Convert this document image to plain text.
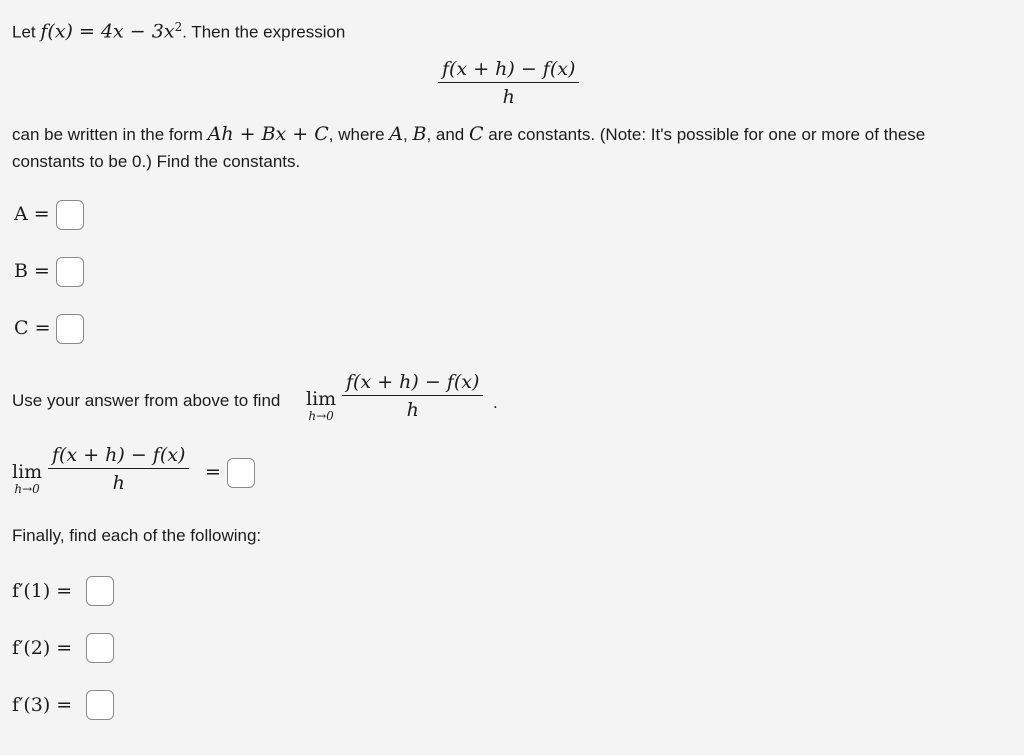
Let $f(x) = 4x - 3x^2$. Then the expression
$\frac{f(x + h) - f(x)}{h}$
can be written in the form Ah + Bx + C, where A, B, and C are constants. (Note: It's possible for one or more of these
constants to be 0.) Find the constants.
A =
B =
C =
Use your answer from above to find lim
$h\to 0 \frac{f(x + h) - f(x)}{h}$ .
lim
$h\to 0 \frac{f(x + h) - f(x)}{h}$ =
Finally, find each of the following:
f′(1) =
f′(2) =
f′(3) =
